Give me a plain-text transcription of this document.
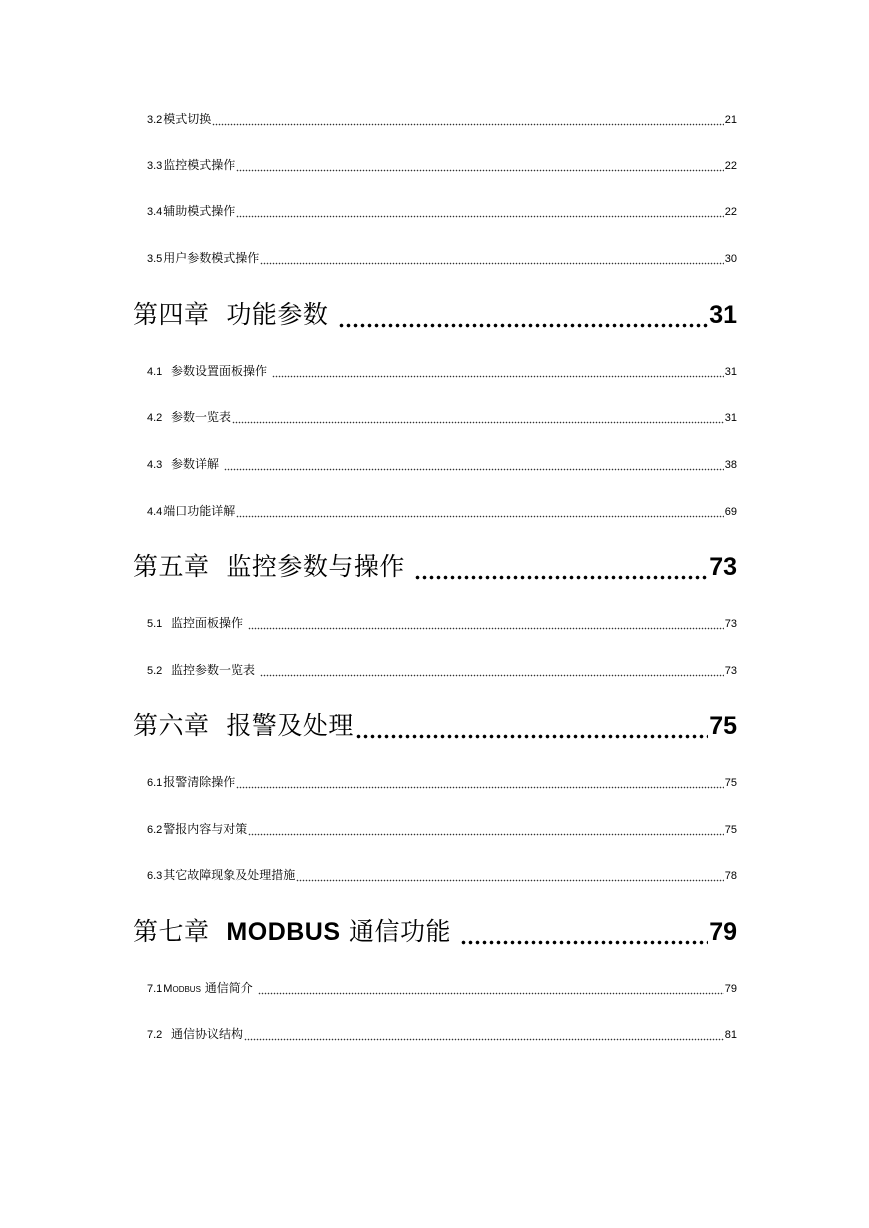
3.2模式切换	21
3.3监控模式操作	22
3.4辅助模式操作	22
3.5用户参数模式操作	30
第四章 功能参数	31
4.1 参数设置面板操作	31
4.2 参数一览表	31
4.3 参数详解	38
4.4端口功能详解	69
第五章 监控参数与操作	73
5.1 监控面板操作	73
5.2 监控参数一览表	73
第六章 报警及处理	75
6.1报警清除操作	75
6.2警报内容与对策	75
6.3其它故障现象及处理措施	78
第七章 MODBUS 通信功能	79
7.1MODBUS 通信简介	79
7.2 通信协议结构	81
